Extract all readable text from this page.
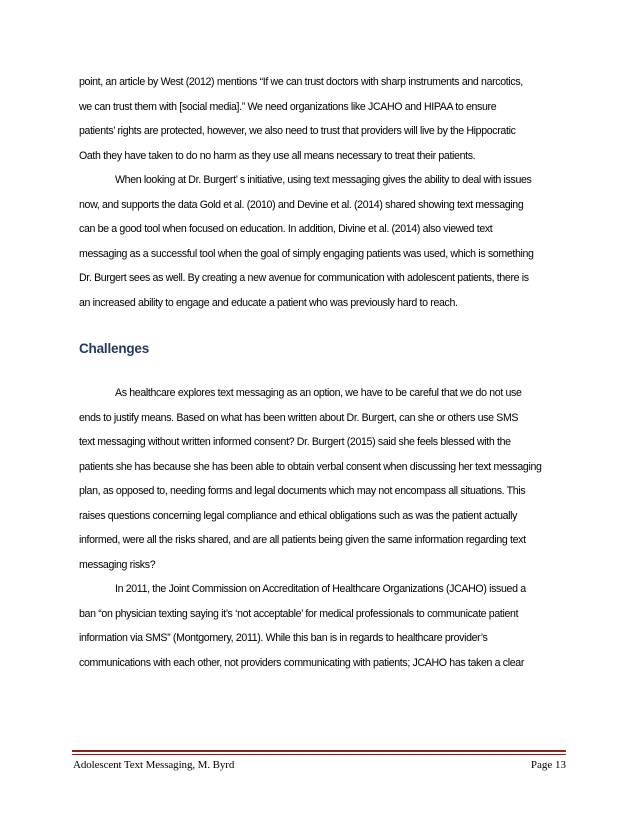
point, an article by West (2012) mentions “If we can trust doctors with sharp instruments and narcotics,
we can trust them with [social media].” We need organizations like JCAHO and HIPAA to ensure
patients’ rights are protected, however, we also need to trust that providers will live by the Hippocratic
Oath they have taken to do no harm as they use all means necessary to treat their patients.
When looking at Dr. Burgert’ s initiative, using text messaging gives the ability to deal with issues
now, and supports the data Gold et al. (2010) and Devine et al. (2014) shared showing text messaging
can be a good tool when focused on education. In addition, Divine et al. (2014) also viewed text
messaging as a successful tool when the goal of simply engaging patients was used, which is something
Dr. Burgert sees as well. By creating a new avenue for communication with adolescent patients, there is
an increased ability to engage and educate a patient who was previously hard to reach.
Challenges
As healthcare explores text messaging as an option, we have to be careful that we do not use
ends to justify means. Based on what has been written about Dr. Burgert, can she or others use SMS
text messaging without written informed consent? Dr. Burgert (2015) said she feels blessed with the
patients she has because she has been able to obtain verbal consent when discussing her text messaging
plan, as opposed to, needing forms and legal documents which may not encompass all situations. This
raises questions concerning legal compliance and ethical obligations such as was the patient actually
informed, were all the risks shared, and are all patients being given the same information regarding text
messaging risks?
In 2011, the Joint Commission on Accreditation of Healthcare Organizations (JCAHO) issued a
ban “on physician texting saying it’s ‘not acceptable’ for medical professionals to communicate patient
information via SMS” (Montgomery, 2011). While this ban is in regards to healthcare provider’s
communications with each other, not providers communicating with patients; JCAHO has taken a clear
Adolescent Text Messaging, M. Byrd	Page 13
